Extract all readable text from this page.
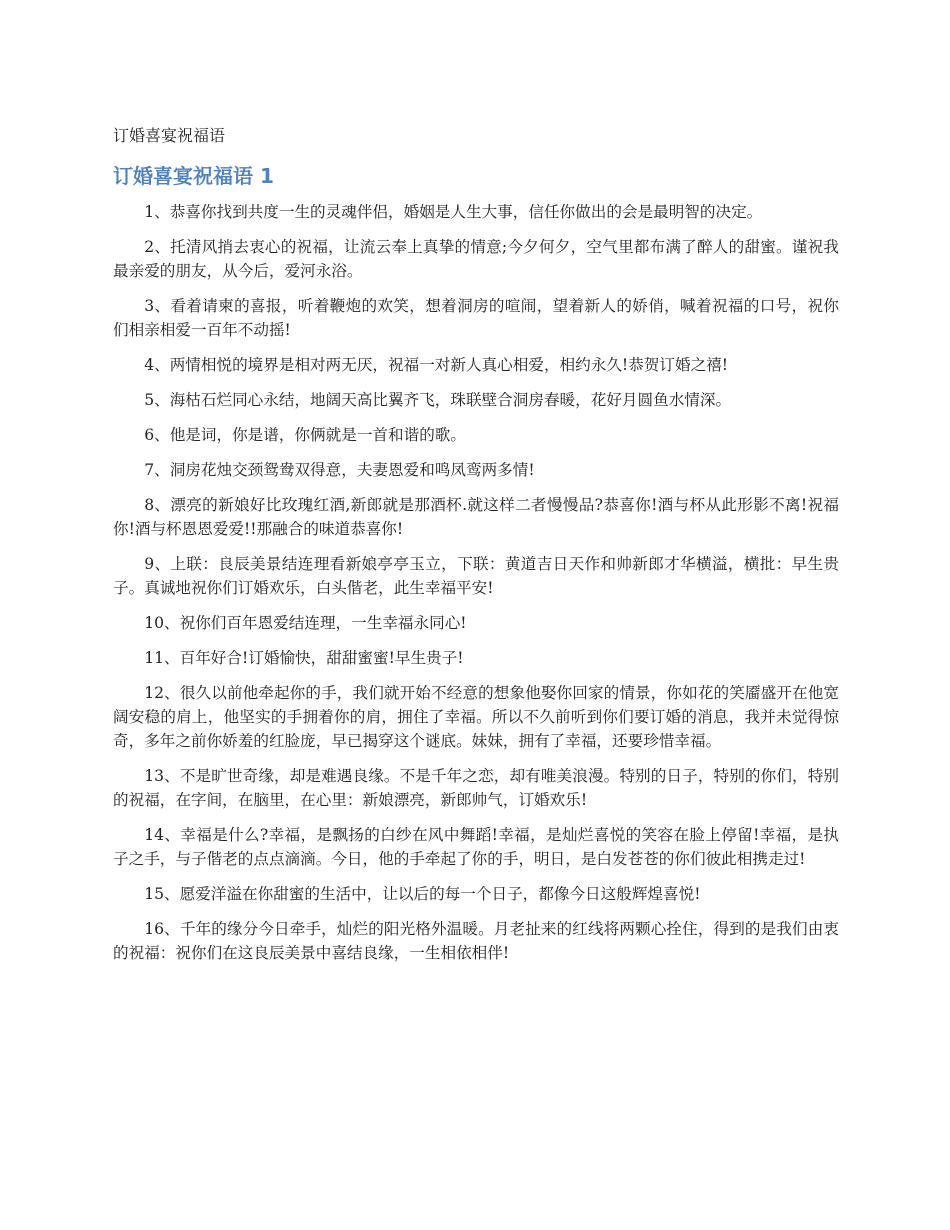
订婚喜宴祝福语
订婚喜宴祝福语 1

1、恭喜你找到共度一生的灵魂伴侣，婚姻是人生大事，信任你做出的会是最明智的决定。

2、托清风捎去衷心的祝福，让流云奉上真挚的情意;今夕何夕，空气里都布满了醉人的甜蜜。谨祝我最亲爱的朋友，从今后，爱河永浴。

3、看着请柬的喜报，听着鞭炮的欢笑，想着洞房的喧闹，望着新人的娇俏，喊着祝福的口号，祝你们相亲相爱一百年不动摇!

4、两情相悦的境界是相对两无厌，祝福一对新人真心相爱，相约永久!恭贺订婚之禧!

5、海枯石烂同心永结，地阔天高比翼齐飞，珠联壁合洞房春暖，花好月圆鱼水情深。

6、他是词，你是谱，你俩就是一首和谐的歌。

7、洞房花烛交颈鸳鸯双得意，夫妻恩爱和鸣凤鸾两多情!

8、漂亮的新娘好比玫瑰红酒,新郎就是那酒杯.就这样二者慢慢品?恭喜你!酒与杯从此形影不离!祝福你!酒与杯恩恩爱爱!!那融合的味道恭喜你!

9、上联：良辰美景结连理看新娘亭亭玉立，下联：黄道吉日天作和帅新郎才华横溢，横批：早生贵子。真诚地祝你们订婚欢乐，白头偕老，此生幸福平安!

10、祝你们百年恩爱结连理，一生幸福永同心!

11、百年好合!订婚愉快，甜甜蜜蜜!早生贵子!

12、很久以前他牵起你的手，我们就开始不经意的想象他娶你回家的情景，你如花的笑靥盛开在他宽阔安稳的肩上，他坚实的手拥着你的肩，拥住了幸福。所以不久前听到你们要订婚的消息，我并未觉得惊奇，多年之前你娇羞的红脸庞，早已揭穿这个谜底。妹妹，拥有了幸福，还要珍惜幸福。

13、不是旷世奇缘，却是难遇良缘。不是千年之恋，却有唯美浪漫。特别的日子，特别的你们，特别的祝福，在字间，在脑里，在心里：新娘漂亮，新郎帅气，订婚欢乐!

14、幸福是什么?幸福，是飘扬的白纱在风中舞蹈!幸福，是灿烂喜悦的笑容在脸上停留!幸福，是执子之手，与子偕老的点点滴滴。今日，他的手牵起了你的手，明日，是白发苍苍的你们彼此相携走过!

15、愿爱洋溢在你甜蜜的生活中，让以后的每一个日子，都像今日这般辉煌喜悦!

16、千年的缘分今日牵手，灿烂的阳光格外温暖。月老扯来的红线将两颗心拴住，得到的是我们由衷的祝福：祝你们在这良辰美景中喜结良缘，一生相依相伴!
